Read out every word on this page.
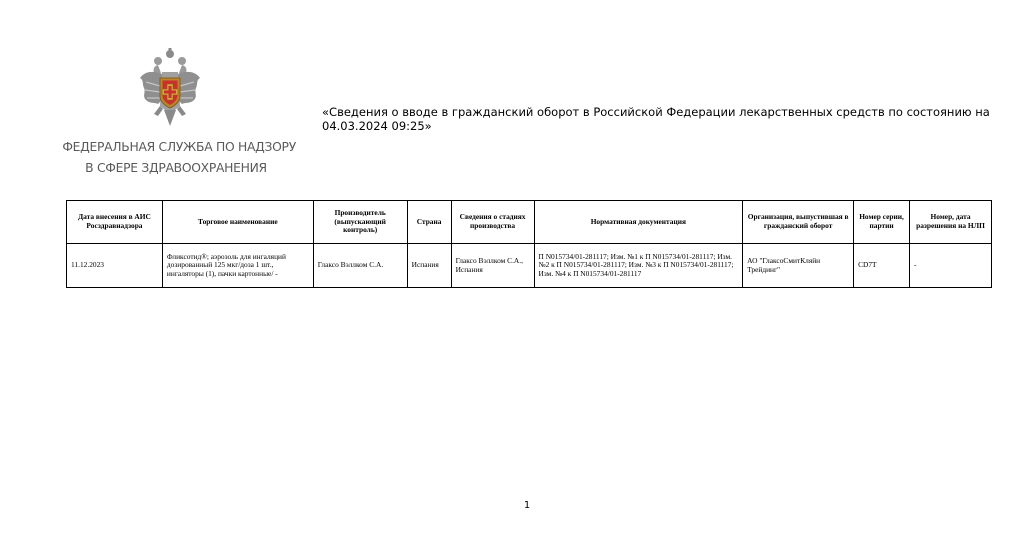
ФЕДЕРАЛЬНАЯ СЛУЖБА ПО НАДЗОРУ
В СФЕРЕ ЗДРАВООХРАНЕНИЯ
«Сведения о вводе в гражданский оборот в Российской Федерации лекарственных средств по состоянию на 04.03.2024 09:25»
Дата внесения в АИС Росздравнадзора	Торговое наименование	Производитель (выпускающий контроль)	Страна	Сведения о стадиях производства	Нормативная документация	Организация, выпустившая в гражданский оборот	Номер серии, партии	Номер, дата разрешения на НЛП
11.12.2023	Фликсотид®; аэрозоль для ингаляций дозированный 125 мкг/доза 1 шт., ингаляторы (1), пачки картонные/ -	Глаксо Вэллком С.А.	Испания	Глаксо Вэллком С.А., Испания	П N015734/01-281117; Изм. №1 к П N015734/01-281117; Изм. №2 к П N015734/01-281117; Изм. №3 к П N015734/01-281117; Изм. №4 к П N015734/01-281117	АО "ГлаксоСмитКляйн Трейдинг"	CD7T	-
1
